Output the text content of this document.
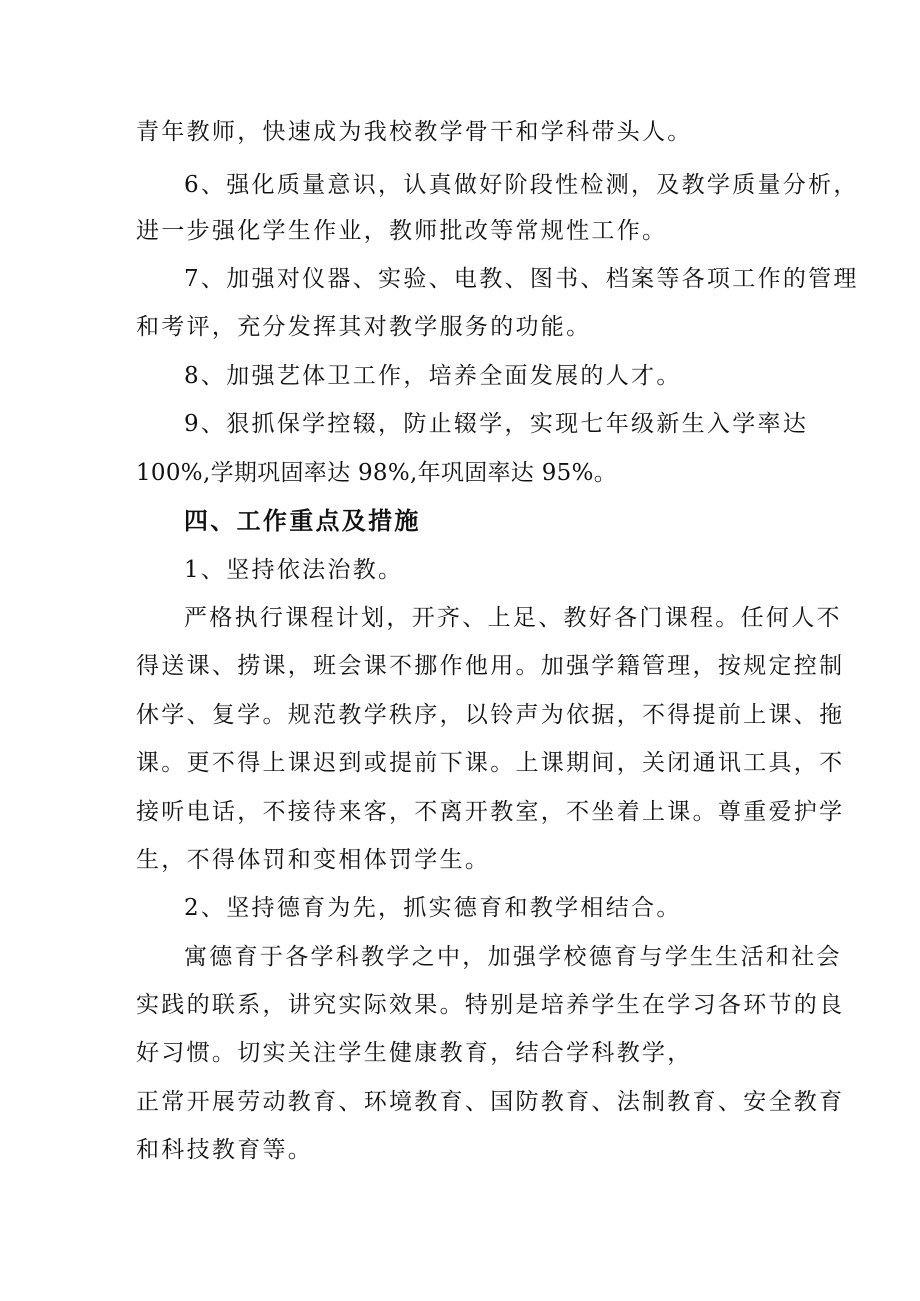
青年教师，快速成为我校教学骨干和学科带头人。
6、强化质量意识，认真做好阶段性检测，及教学质量分析，
进一步强化学生作业，教师批改等常规性工作。
7、加强对仪器、实验、电教、图书、档案等各项工作的管理
和考评，充分发挥其对教学服务的功能。
8、加强艺体卫工作，培养全面发展的人才。
9、狠抓保学控辍，防止辍学，实现七年级新生入学率达
100%,学期巩固率达 98%,年巩固率达 95%。
四、工作重点及措施
1、坚持依法治教。
严格执行课程计划，开齐、上足、教好各门课程。任何人不
得送课、捞课，班会课不挪作他用。加强学籍管理，按规定控制
休学、复学。规范教学秩序，以铃声为依据，不得提前上课、拖
课。更不得上课迟到或提前下课。上课期间，关闭通讯工具，不
接听电话，不接待来客，不离开教室，不坐着上课。尊重爱护学
生，不得体罚和变相体罚学生。
2、坚持德育为先，抓实德育和教学相结合。
寓德育于各学科教学之中，加强学校德育与学生生活和社会
实践的联系，讲究实际效果。特别是培养学生在学习各环节的良
好习惯。切实关注学生健康教育，结合学科教学，
正常开展劳动教育、环境教育、国防教育、法制教育、安全教育
和科技教育等。
